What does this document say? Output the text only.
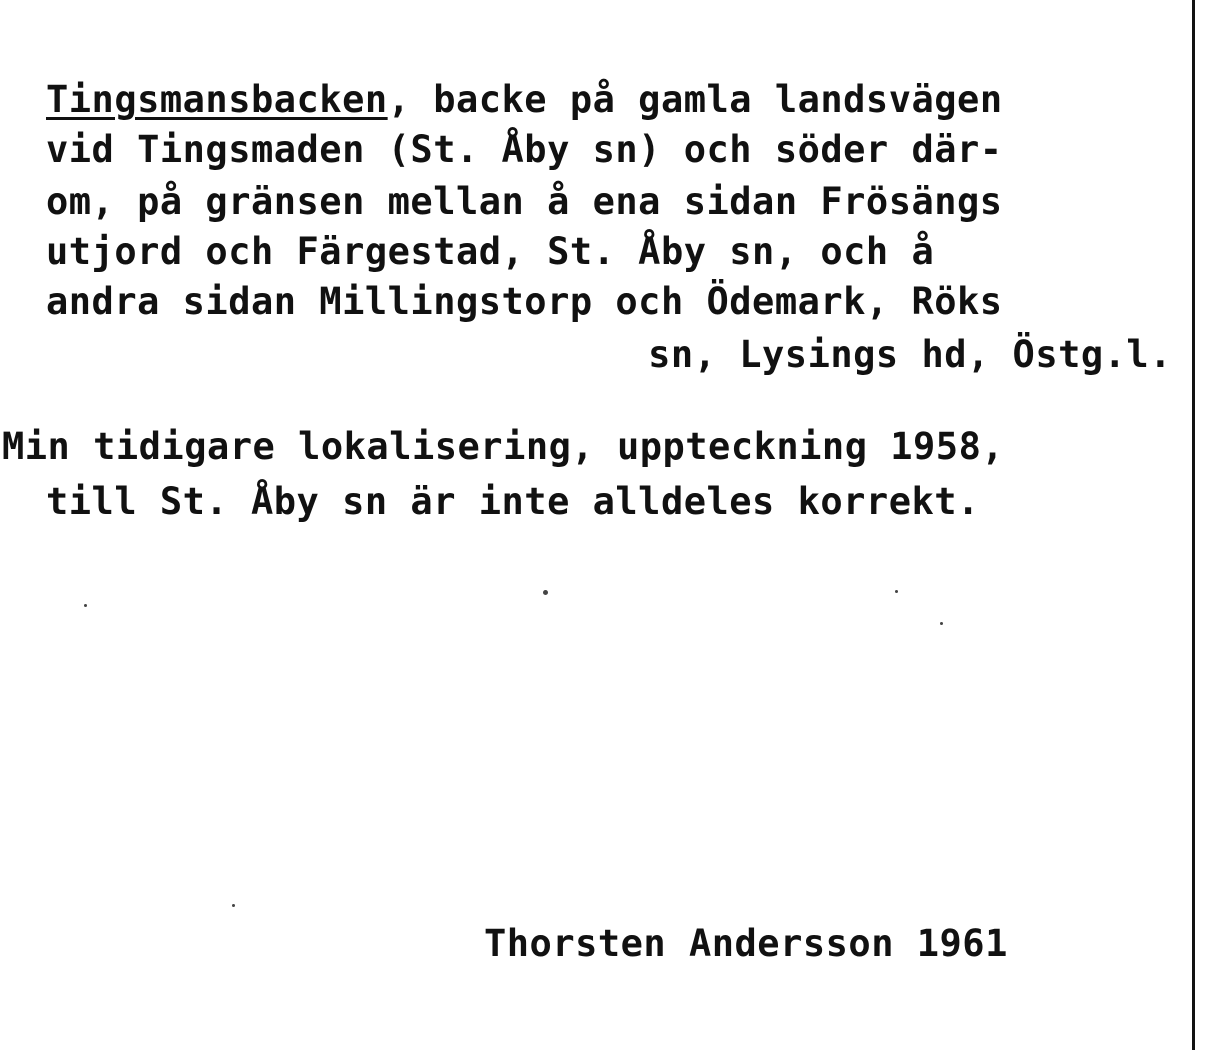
Tingsmansbacken, backe på gamla landsvägen
vid Tingsmaden (St. Åby sn) och söder där-
om, på gränsen mellan å ena sidan Frösängs
utjord och Färgestad, St. Åby sn, och å
andra sidan Millingstorp och Ödemark, Röks
sn, Lysings hd, Östg.l.
Min tidigare lokalisering, uppteckning 1958,
till St. Åby sn är inte alldeles korrekt.
Thorsten Andersson 1961
